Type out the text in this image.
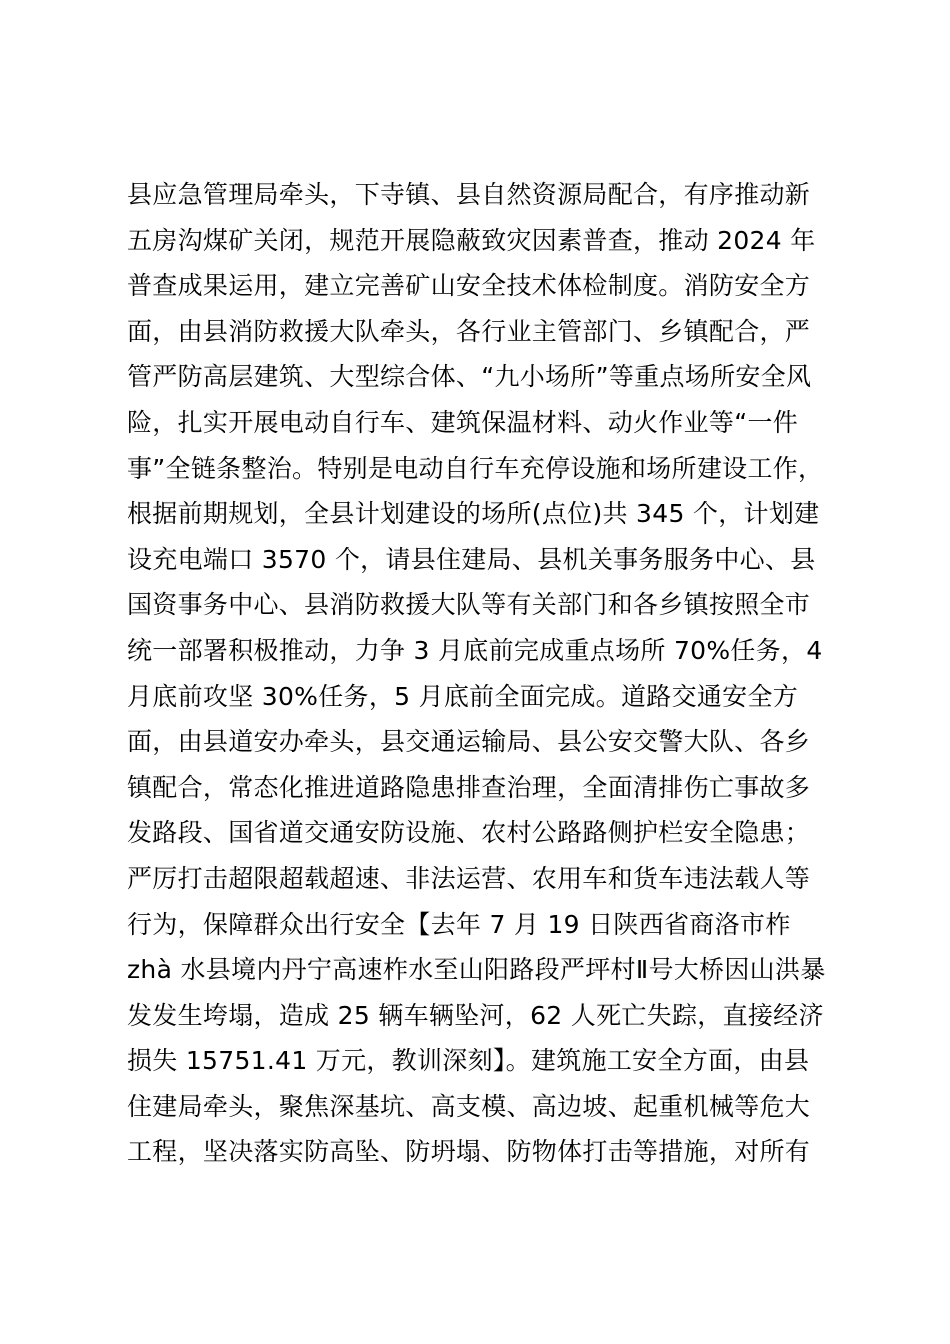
县应急管理局牵头，下寺镇、县自然资源局配合，有序推动新
五房沟煤矿关闭，规范开展隐蔽致灾因素普查，推动 2024 年
普查成果运用，建立完善矿山安全技术体检制度。消防安全方
面，由县消防救援大队牵头，各行业主管部门、乡镇配合，严
管严防高层建筑、大型综合体、“九小场所”等重点场所安全风
险，扎实开展电动自行车、建筑保温材料、动火作业等“一件
事”全链条整治。特别是电动自行车充停设施和场所建设工作，
根据前期规划，全县计划建设的场所(点位)共 345 个，计划建
设充电端口 3570 个，请县住建局、县机关事务服务中心、县
国资事务中心、县消防救援大队等有关部门和各乡镇按照全市
统一部署积极推动，力争 3 月底前完成重点场所 70%任务，4
月底前攻坚 30%任务，5 月底前全面完成。道路交通安全方
面，由县道安办牵头，县交通运输局、县公安交警大队、各乡
镇配合，常态化推进道路隐患排查治理，全面清排伤亡事故多
发路段、国省道交通安防设施、农村公路路侧护栏安全隐患；
严厉打击超限超载超速、非法运营、农用车和货车违法载人等
行为，保障群众出行安全【去年 7 月 19 日陕西省商洛市柞
zhà 水县境内丹宁高速柞水至山阳路段严坪村Ⅱ号大桥因山洪暴
发发生垮塌，造成 25 辆车辆坠河，62 人死亡失踪，直接经济
损失 15751.41 万元，教训深刻】。建筑施工安全方面，由县
住建局牵头，聚焦深基坑、高支模、高边坡、起重机械等危大
工程，坚决落实防高坠、防坍塌、防物体打击等措施，对所有
